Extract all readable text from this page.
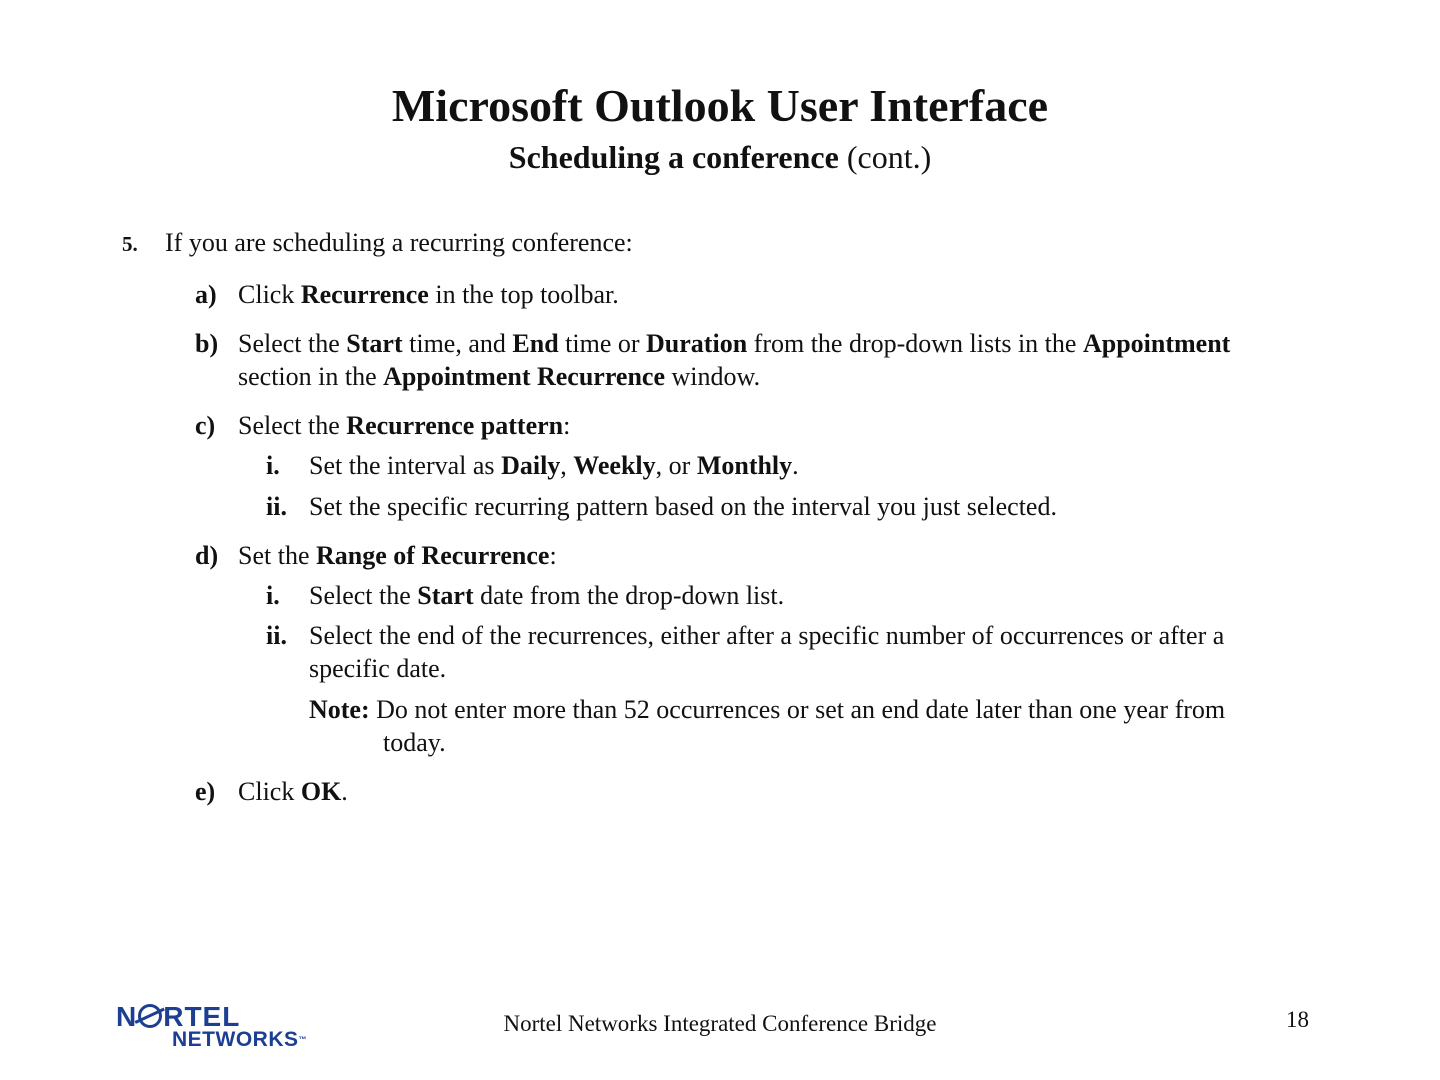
Microsoft Outlook User Interface
Scheduling a conference (cont.)
5. If you are scheduling a recurring conference:
a) Click Recurrence in the top toolbar.
b) Select the Start time, and End time or Duration from the drop-down lists in the Appointment
section in the Appointment Recurrence window.
c) Select the Recurrence pattern:
i. Set the interval as Daily, Weekly, or Monthly.
ii. Set the specific recurring pattern based on the interval you just selected.
d) Set the Range of Recurrence:
i. Select the Start date from the drop-down list.
ii. Select the end of the recurrences, either after a specific number of occurrences or after a
specific date.
Note: Do not enter more than 52 occurrences or set an end date later than one year from
today.
e) Click OK.
N RTEL
NETWORKS™
Nortel Networks Integrated Conference Bridge	18
